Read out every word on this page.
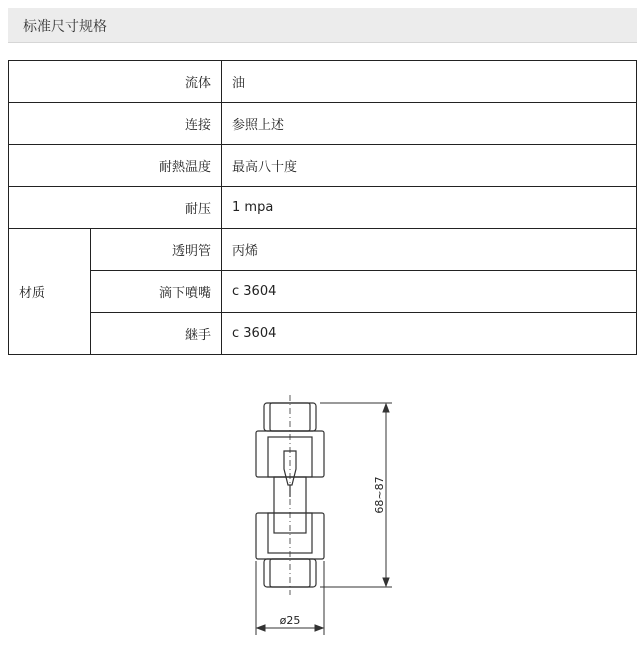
标准尺寸规格
流体		油
连接		参照上述
耐熱温度		最高八十度
耐压		1 mpa
材质	透明管	丙烯
	滴下噴嘴	c 3604
	継手	c 3604
68~87
ø25
